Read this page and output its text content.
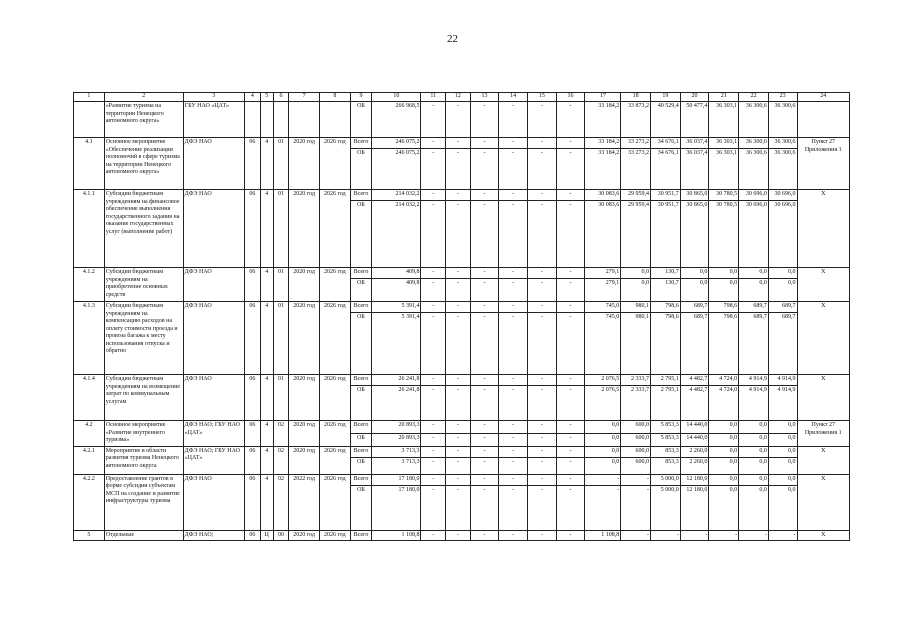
22
1	2	3	4	5	6	7	8	9	10	11	12	13	14	15	16	17	18	19	20	21	22	23	24
	«Развитие туризма на территории Ненецкого автономного округа»	ГБУ НАО «ЦАТ»						ОБ	266 968,5	-	-	-	-	-	-	33 184,2	33 873,2	40 529,4	50 477,4	36 303,1	36 300,6	36 300,6	
4.1	Основное мероприятие «Обеспечение реализации полномочий в сфере туризма на территории Ненецкого автономного округа»	ДФЭ НАО	06	4	01	2020 год	2026 год	Всего	246 075,2	-	-	-	-	-	-	33 184,2	33 273,2	34 676,1	36 037,4	36 303,1	36 300,6	36 300,6	Пункт 27 Приложения 1
								ОБ	246 075,2	-	-	-	-	-	-	33 184,2	33 273,2	34 676,1	36 037,4	36 303,1	36 300,6	36 300,6	
4.1.1	Субсидии бюджетным учреждениям на финансовое обеспечение выполнения государственного задания на оказание государственных услуг (выполнение работ)	ДФЭ НАО	06	4	01	2020 год	2026 год	Всего	214 032,2	-	-	-	-	-	-	30 083,6	29 959,4	30 951,7	30 865,0	30 780,5	30 696,0	30 696,0	X
								ОБ	214 032,2	-	-	-	-	-	-	30 083,6	29 959,4	30 951,7	30 865,0	30 780,5	30 696,0	30 696,0	
4.1.2	Субсидии бюджетным учреждениям на приобретение основных средств	ДФЭ НАО	06	4	01	2020 год	2026 год	Всего	409,8	-	-	-	-	-	-	279,1	0,0	130,7	0,0	0,0	0,0	0,0	X
								ОБ	409,8	-	-	-	-	-	-	279,1	0,0	130,7	0,0	0,0	0,0	0,0	
4.1.3	Субсидии бюджетным учреждениям на компенсацию расходов на оплату стоимости проезда и провоза багажа к месту использования отпуска и обратно	ДФЭ НАО	06	4	01	2020 год	2026 год	Всего	5 391,4	-	-	-	-	-	-	745,0	980,1	798,6	689,7	798,6	689,7	689,7	X
								ОБ	5 391,4	-	-	-	-	-	-	745,0	980,1	798,6	689,7	798,6	689,7	689,7	
4.1.4	Субсидии бюджетным учреждениям на возмещение затрат по коммунальным услугам	ДФЭ НАО	06	4	01	2020 год	2026 год	Всего	26 241,8	-	-	-	-	-	-	2 076,5	2 333,7	2 795,1	4 482,7	4 724,0	4 914,9	4 914,9	X
								ОБ	26 241,8	-	-	-	-	-	-	2 076,5	2 333,7	2 795,1	4 482,7	4 724,0	4 914,9	4 914,9	
4.2	Основное мероприятие «Развитие внутреннего туризма»	ДФЭ НАО; ГБУ НАО «ЦАТ»	06	4	02	2020 год	2026 год	Всего	20 893,3	-	-	-	-	-	-	0,0	600,0	5 853,3	14 440,0	0,0	0,0	0,0	Пункт 27 Приложения 1
								ОБ	20 893,3	-	-	-	-	-	-	0,0	600,0	5 853,3	14 440,0	0,0	0,0	0,0	
4.2.1	Мероприятие в области развития туризма Ненецкого автономного округа	ДФЭ НАО; ГБУ НАО «ЦАТ»	06	4	02	2020 год	2026 год	Всего	3 713,3	-	-	-	-	-	-	0,0	600,0	853,3	2 260,0	0,0	0,0	0,0	X
								ОБ	3 713,3	-	-	-	-	-	-	0,0	600,0	853,3	2 260,0	0,0	0,0	0,0	
4.2.2	Предоставление грантов в форме субсидии субъектам МСП на создание и развитие инфраструктуры туризма	ДФЭ НАО	06	4	02	2022 год	2026 год	Всего	17 180,0	-	-	-	-	-	-	-	-	5 000,0	12 180,0	0,0	0,0	0,0	X
								ОБ	17 180,0	-	-	-	-	-	-	-	-	5 000,0	12 180,0	0,0	0,0	0,0	
5	Отдельные	ДФЭ НАО;	06	Ц	00	2020 год	2026 год	Всего	1 108,8	-	-	-	-	-	-	1 108,8	-	-	-	-	-	-	X
